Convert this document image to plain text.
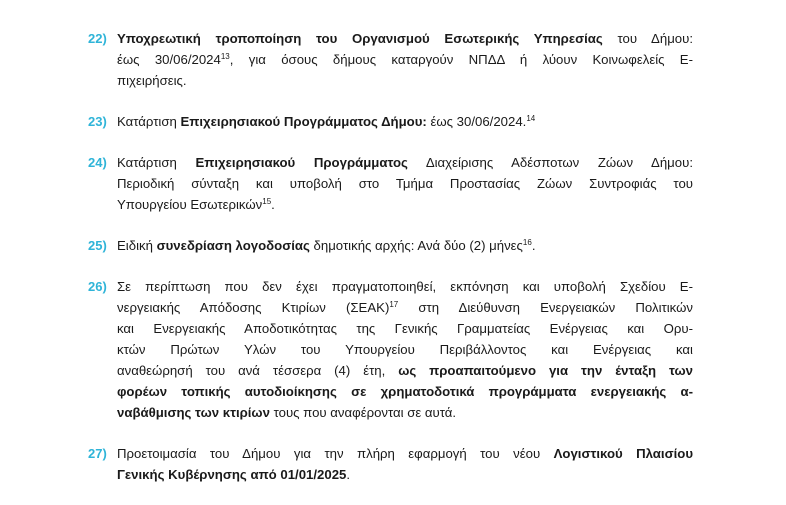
22) Υποχρεωτική τροποποίηση του Οργανισμού Εσωτερικής Υπηρεσίας του Δήμου:
έως 30/06/2024$^{13}$, για όσους δήμους καταργούν ΝΠΔΔ ή λύουν Κοινωφελείς Ε-
πιχειρήσεις.
23) Κατάρτιση Επιχειρησιακού Προγράμματος Δήμου: έως 30/06/2024.14
24) Κατάρτιση Επιχειρησιακού Προγράμματος Διαχείρισης Αδέσποτων Ζώων Δήμου:
Περιοδική σύνταξη και υποβολή στο Τμήμα Προστασίας Ζώων Συντροφιάς του
Υπουργείου Εσωτερικών$^{15}$.
25) Ειδική συνεδρίαση λογοδοσίας δημοτικής αρχής: Ανά δύο (2) μήνες$^{16}$.
26) Σε περίπτωση που δεν έχει πραγματοποιηθεί, εκπόνηση και υποβολή Σχεδίου Ε-
νεργειακής Απόδοσης Κτιρίων $(\Sigma EAK)^{17}$ στη Διεύθυνση Ενεργειακών Πολιτικών
και Ενεργειακής Αποδοτικότητας της Γενικής Γραμματείας Ενέργειας και Ορυ-
κτών Πρώτων Υλών του Υπουργείου Περιβάλλοντος και Ενέργειας και
αναθεώρησή του ανά τέσσερα (4) έτη, ως προαπαιτούμενο για την ένταξη των
φορέων τοπικής αυτοδιοίκησης σε χρηματοδοτικά προγράμματα ενεργειακής α-
ναβάθμισης των κτιρίων τους που αναφέρονται σε αυτά.
27) Προετοιμασία του Δήμου για την πλήρη εφαρμογή του νέου Λογιστικού Πλαισίου
Γενικής Κυβέρνησης από 01/01/2025.
